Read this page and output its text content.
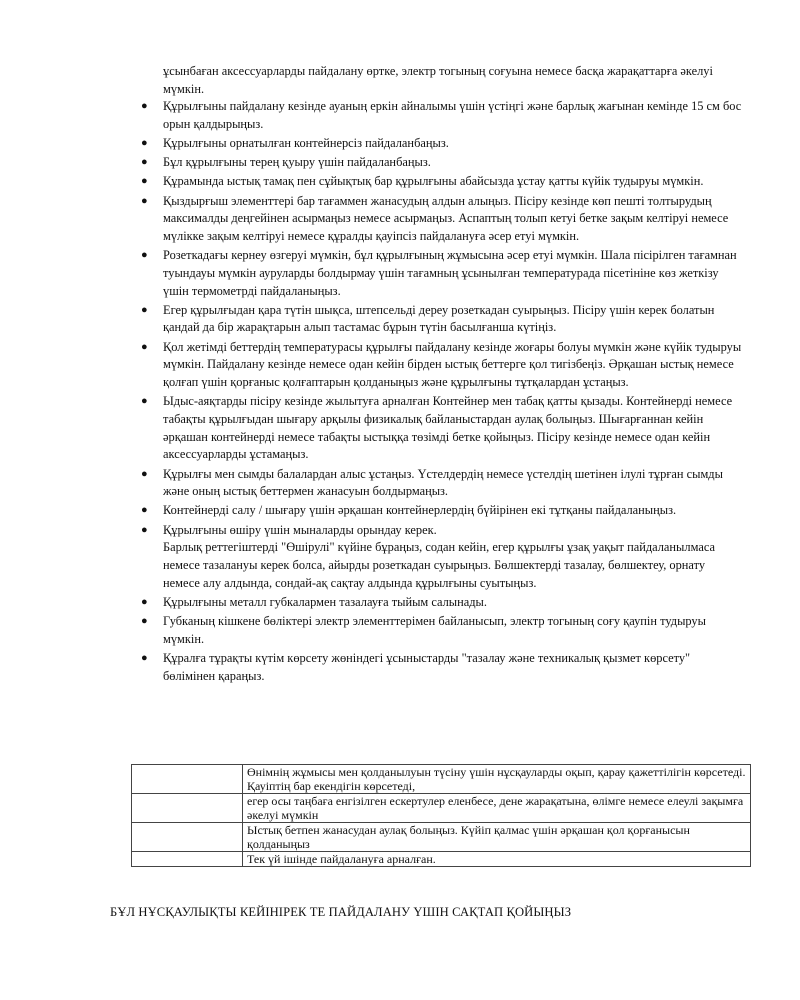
ұсынбаған аксессуарларды пайдалану өртке, электр тогының соғуына немесе басқа жарақаттарға әкелуі мүмкін.

● Құрылғыны пайдалану кезінде ауаның еркін айналымы үшін үстіңгі және барлық жағынан кемінде 15 см бос орын қалдырыңыз.
● Құрылғыны орнатылған контейнерсіз пайдаланбаңыз.
● Бұл құрылғыны терең қуыру үшін пайдаланбаңыз.
● Құрамында ыстық тамақ пен сұйықтық бар құрылғыны абайсызда ұстау қатты күйік тудыруы мүмкін.
● Қыздырғыш элементтері бар тағаммен жанасудың алдын алыңыз. Пісіру кезінде көп пешті толтырудың максималды деңгейінен асырмаңыз немесе асырмаңыз. Аспаптың толып кетуі бетке зақым келтіруі немесе мүлікке зақым келтіруі немесе құралды қауіпсіз пайдалануға әсер етуі мүмкін.
● Розеткадағы кернеу өзгеруі мүмкін, бұл құрылғының жұмысына әсер етуі мүмкін. Шала пісірілген тағамнан туындауы мүмкін ауруларды болдырмау үшін тағамның ұсынылған температурада пісетініне көз жеткізу үшін термометрді пайдаланыңыз.
● Егер құрылғыдан қара түтін шықса, штепсельді дереу розеткадан суырыңыз. Пісіру үшін керек болатын қандай да бір жарақтарын алып тастамас бұрын түтін басылғанша күтіңіз.
● Қол жетімді беттердің температурасы құрылғы пайдалану кезінде жоғары болуы мүмкін және күйік тудыруы мүмкін. Пайдалану кезінде немесе одан кейін бірден ыстық беттерге қол тигізбеңіз. Әрқашан ыстық немесе қолғап үшін қорғаныс қолғаптарын қолданыңыз және құрылғыны тұтқалардан ұстаңыз.
● Ыдыс-аяқтарды пісіру кезінде жылытуға арналған Контейнер мен табақ қатты қызады. Контейнерді немесе табақты құрылғыдан шығару арқылы физикалық байланыстардан аулақ болыңыз. Шығарғаннан кейін әрқашан контейнерді немесе табақты ыстыққа төзімді бетке қойыңыз. Пісіру кезінде немесе одан кейін аксессуарларды ұстамаңыз.
● Құрылғы мен сымды балалардан алыс ұстаңыз. Үстелдердің немесе үстелдің шетінен ілулі тұрған сымды және оның ыстық беттермен жанасуын болдырмаңыз.
● Контейнерді салу / шығару үшін әрқашан контейнерлердің бүйірінен екі тұтқаны пайдаланыңыз.
● Құрылғыны өшіру үшін мыналарды орындау керек.
Барлық реттегіштерді "Өшірулі" күйіне бұраңыз, содан кейін, егер құрылғы ұзақ уақыт пайдаланылмаса немесе тазалануы керек болса, айырды розеткадан суырыңыз. Бөлшектерді тазалау, бөлшектеу, орнату немесе алу алдында, сондай-ақ сақтау алдында құрылғыны суытыңыз.
● Құрылғыны металл губкалармен тазалауға тыйым салынады.
● Губканың кішкене бөліктері электр элементтерімен байланысып, электр тогының соғу қаупін тудыруы мүмкін.
● Құралға тұрақты күтім көрсету жөніндегі ұсыныстарды "тазалау және техникалық қызмет көрсету" бөлімінен қараңыз.
	Өнімнің жұмысы мен қолданылуын түсіну үшін нұсқауларды оқып, қарау қажеттілігін көрсетеді. Қауіптің бар екендігін көрсетеді,
	егер осы таңбаға енгізілген ескертулер еленбесе, дене жарақатына, өлімге немесе елеулі зақымға әкелуі мүмкін
	Ыстық бетпен жанасудан аулақ болыңыз. Күйіп қалмас үшін әрқашан қол қорғанысын қолданыңыз
	Тек үй ішінде пайдалануға арналған.

БҰЛ НҰСҚАУЛЫҚТЫ КЕЙІНІРЕК ТЕ ПАЙДАЛАНУ ҮШІН САҚТАП ҚОЙЫҢЫЗ
